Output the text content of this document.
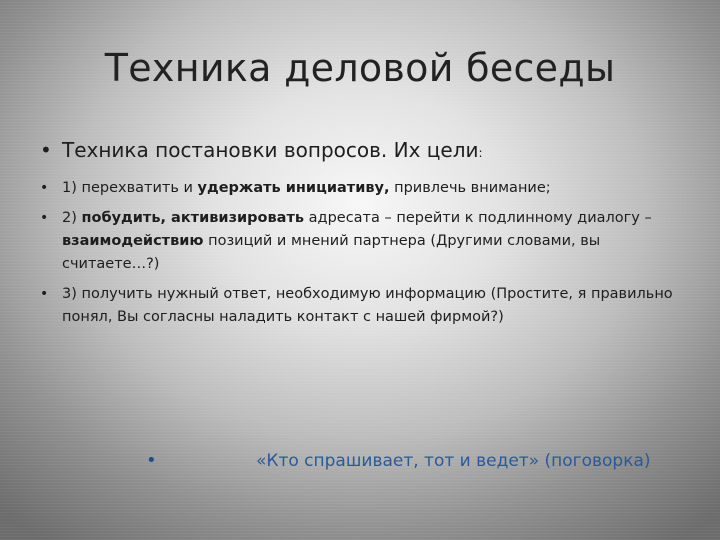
Техника деловой беседы
• Техника постановки вопросов. Их цели:
• 1) перехватить и удержать инициативу, привлечь внимание;
• 2) побудить, активизировать адресата – перейти к подлинному диалогу – взаимодействию позиций и мнений партнера (Другими словами, вы считаете…?)
• 3) получить нужный ответ, необходимую информацию (Простите, я правильно понял, Вы согласны наладить контакт с нашей фирмой?)
•	«Кто спрашивает, тот и ведет» (поговорка)
